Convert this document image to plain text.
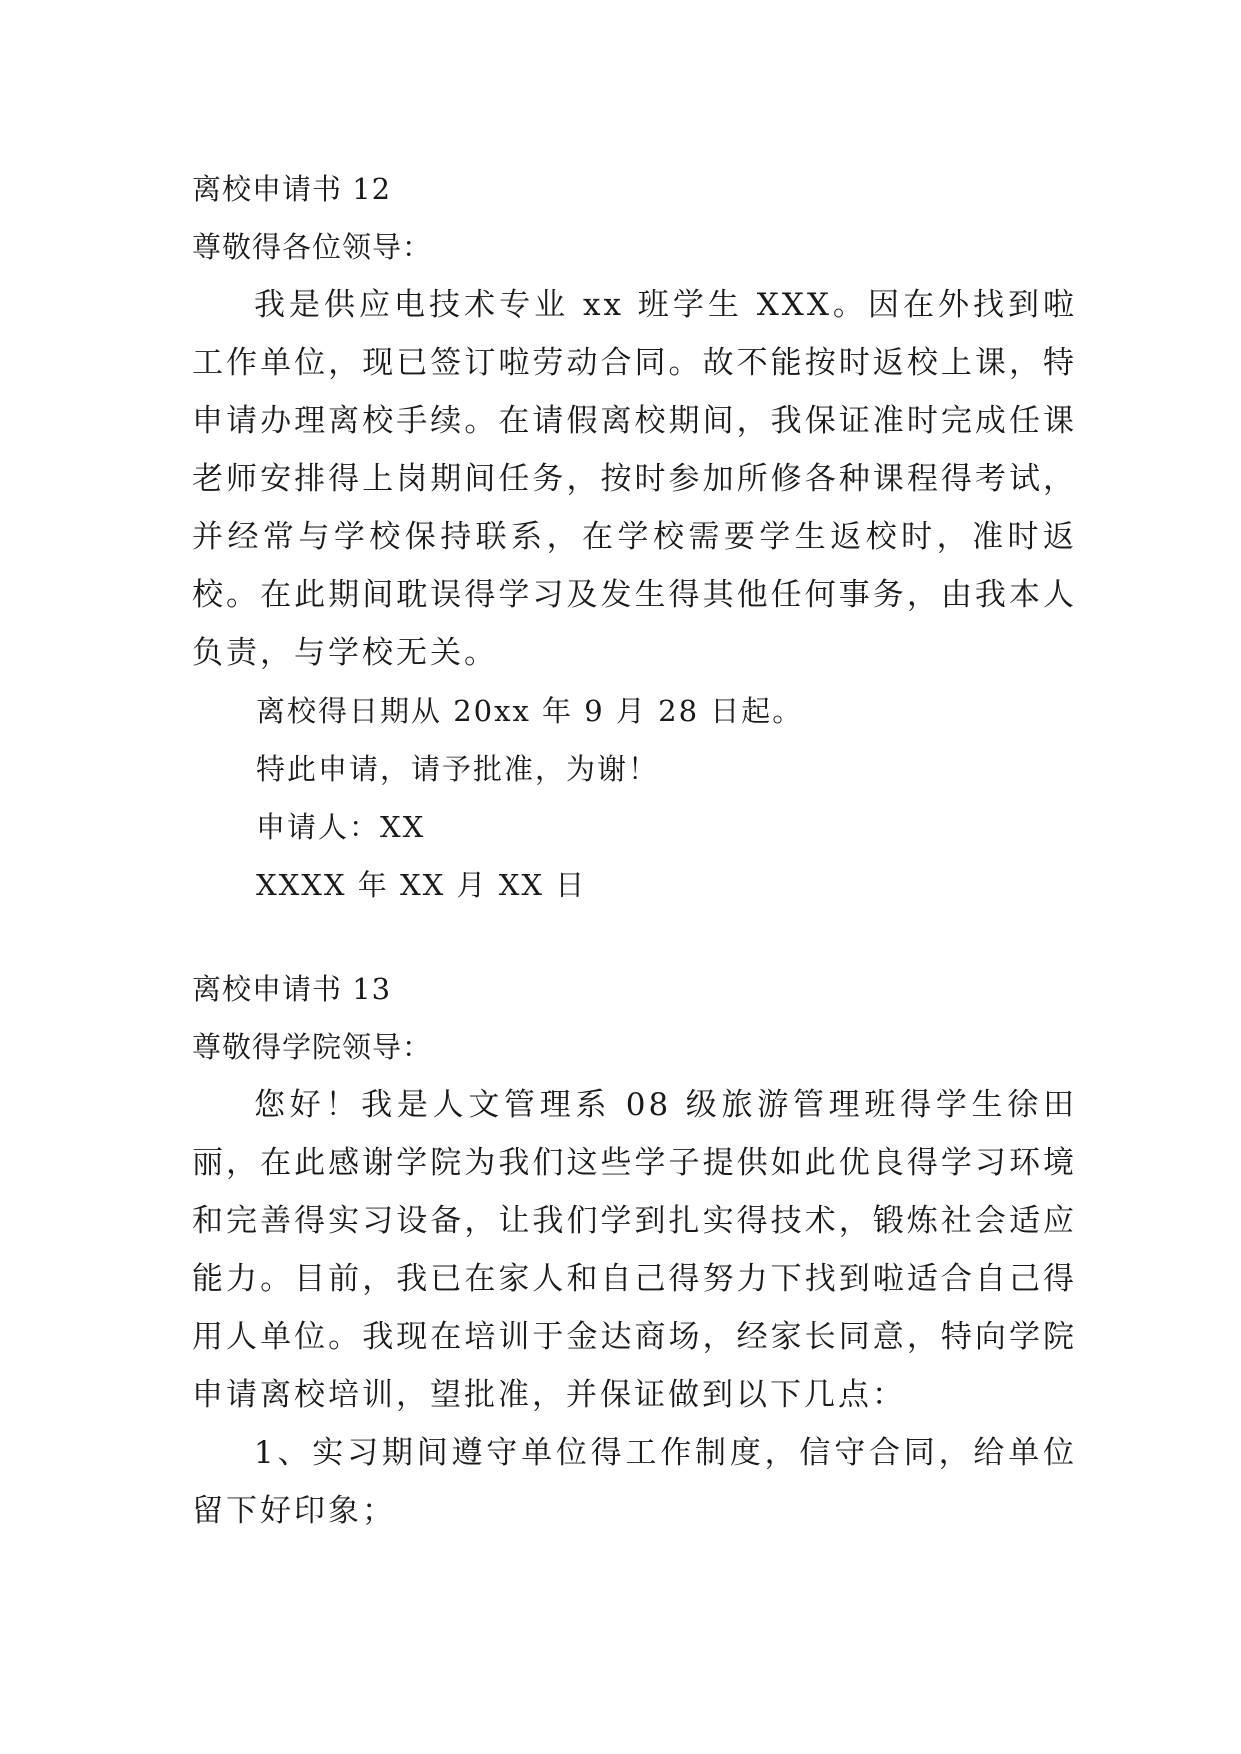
离校申请书 12
尊敬得各位领导：

我是供应电技术专业 xx 班学生 XXX。因在外找到啦工作单位，现已签订啦劳动合同。故不能按时返校上课，特申请办理离校手续。在请假离校期间，我保证准时完成任课老师安排得上岗期间任务，按时参加所修各种课程得考试，并经常与学校保持联系，在学校需要学生返校时，准时返校。在此期间耽误得学习及发生得其他任何事务，由我本人负责，与学校无关。

离校得日期从 20xx 年 9 月 28 日起。
特此申请，请予批准，为谢！
申请人：XX
XXXX 年 XX 月 XX 日
离校申请书 13
尊敬得学院领导：

您好！我是人文管理系 08 级旅游管理班得学生徐田丽，在此感谢学院为我们这些学子提供如此优良得学习环境和完善得实习设备，让我们学到扎实得技术，锻炼社会适应能力。目前，我已在家人和自己得努力下找到啦适合自己得用人单位。我现在培训于金达商场，经家长同意，特向学院申请离校培训，望批准，并保证做到以下几点：

1、实习期间遵守单位得工作制度，信守合同，给单位留下好印象；
